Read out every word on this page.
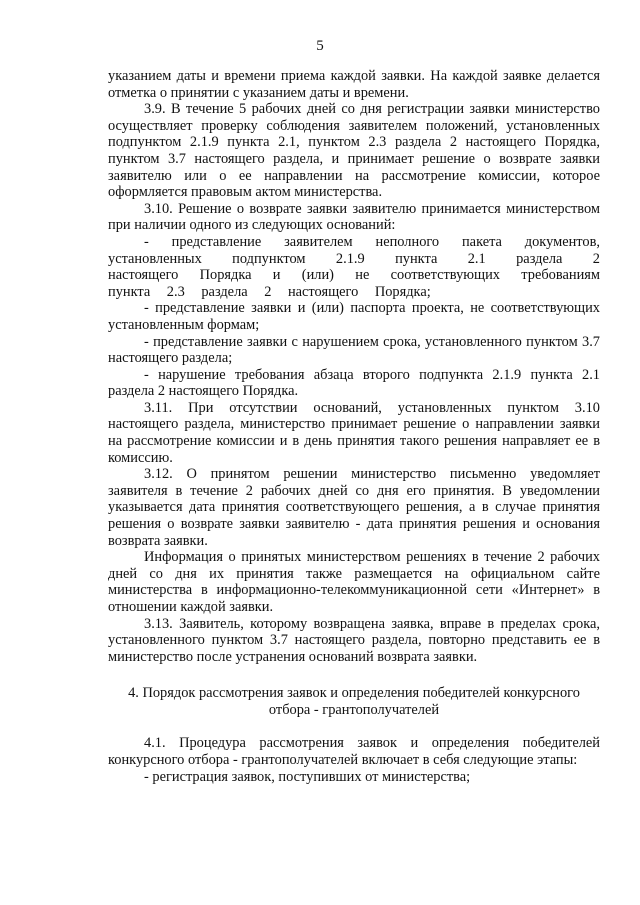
5

указанием даты и времени приема каждой заявки. На каждой заявке делается отметка о принятии с указанием даты и времени.

3.9. В течение 5 рабочих дней со дня регистрации заявки министерство осуществляет проверку соблюдения заявителем положений, установленных подпунктом 2.1.9 пункта 2.1, пунктом 2.3 раздела 2 настоящего Порядка, пунктом 3.7 настоящего раздела, и принимает решение о возврате заявки заявителю или о ее направлении на рассмотрение комиссии, которое оформляется правовым актом министерства.

3.10. Решение о возврате заявки заявителю принимается министерством при наличии одного из следующих оснований:

- представление заявителем неполного пакета документов, установленных подпунктом 2.1.9 пункта 2.1 раздела 2 настоящего Порядка и (или) не соответствующих требованиям пункта 2.3 раздела 2 настоящего Порядка;

- представление заявки и (или) паспорта проекта, не соответствующих установленным формам;

- представление заявки с нарушением срока, установленного пунктом 3.7 настоящего раздела;

- нарушение требования абзаца второго подпункта 2.1.9 пункта 2.1 раздела 2 настоящего Порядка.

3.11. При отсутствии оснований, установленных пунктом 3.10 настоящего раздела, министерство принимает решение о направлении заявки на рассмотрение комиссии и в день принятия такого решения направляет ее в комиссию.

3.12. О принятом решении министерство письменно уведомляет заявителя в течение 2 рабочих дней со дня его принятия. В уведомлении указывается дата принятия соответствующего решения, а в случае принятия решения о возврате заявки заявителю - дата принятия решения и основания возврата заявки.

Информация о принятых министерством решениях в течение 2 рабочих дней со дня их принятия также размещается на официальном сайте министерства в информационно-телекоммуникационной сети «Интернет» в отношении каждой заявки.

3.13. Заявитель, которому возвращена заявка, вправе в пределах срока, установленного пунктом 3.7 настоящего раздела, повторно представить ее в министерство после устранения оснований возврата заявки.

4. Порядок рассмотрения заявок и определения победителей конкурсного
отбора - грантополучателей

4.1. Процедура рассмотрения заявок и определения победителей конкурсного отбора - грантополучателей включает в себя следующие этапы:

- регистрация заявок, поступивших от министерства;
